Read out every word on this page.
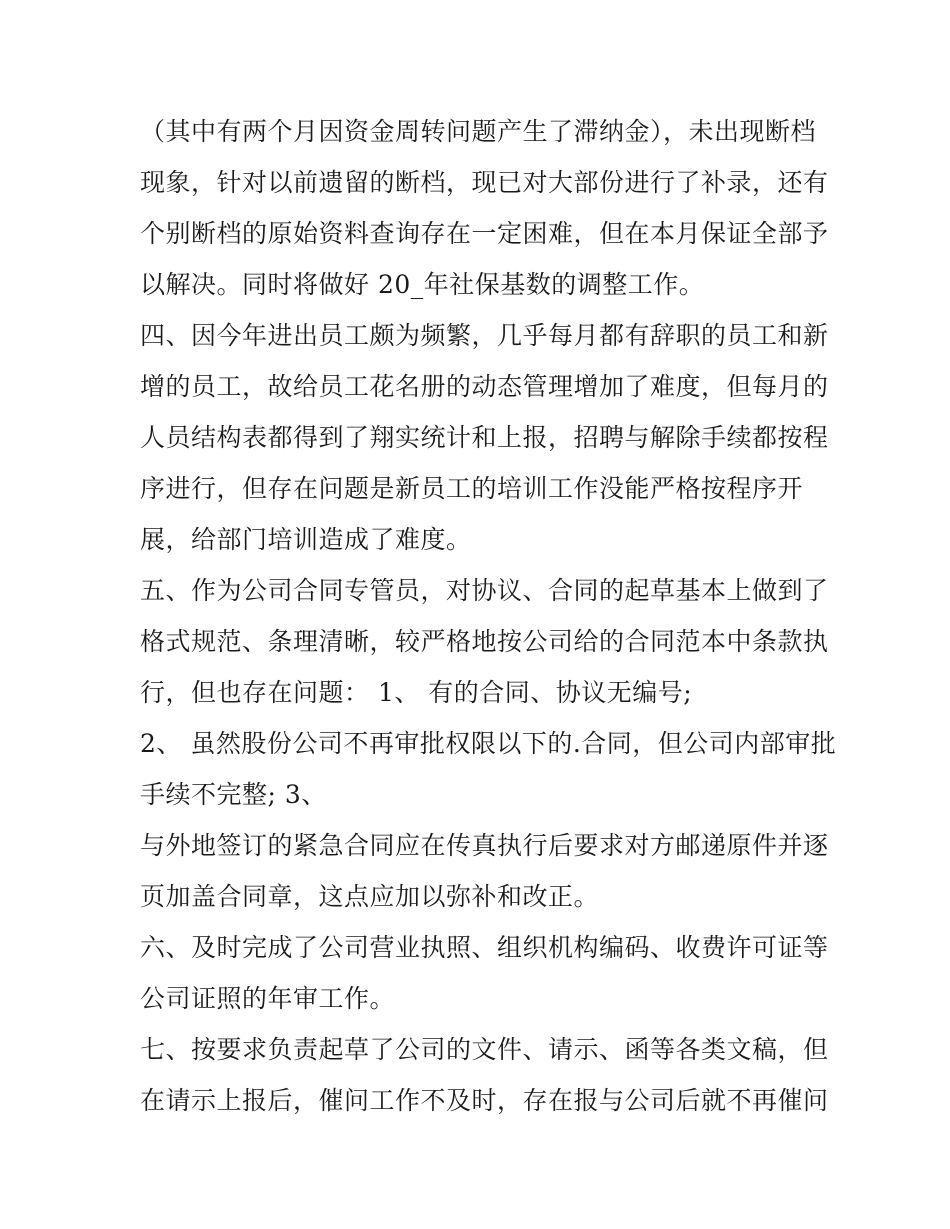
（其中有两个月因资金周转问题产生了滞纳金），未出现断档
现象，针对以前遗留的断档，现已对大部份进行了补录，还有
个别断档的原始资料查询存在一定困难，但在本月保证全部予
以解决。同时将做好 20_年社保基数的调整工作。
四、因今年进出员工颇为频繁，几乎每月都有辞职的员工和新
增的员工，故给员工花名册的动态管理增加了难度，但每月的
人员结构表都得到了翔实统计和上报，招聘与解除手续都按程
序进行，但存在问题是新员工的培训工作没能严格按程序开
展，给部门培训造成了难度。
五、作为公司合同专管员，对协议、合同的起草基本上做到了
格式规范、条理清晰，较严格地按公司给的合同范本中条款执
行，但也存在问题： 1、 有的合同、协议无编号;
2、 虽然股份公司不再审批权限以下的.合同，但公司内部审批
手续不完整; 3、
与外地签订的紧急合同应在传真执行后要求对方邮递原件并逐
页加盖合同章，这点应加以弥补和改正。
六、及时完成了公司营业执照、组织机构编码、收费许可证等
公司证照的年审工作。
七、按要求负责起草了公司的文件、请示、函等各类文稿，但
在请示上报后，催问工作不及时，存在报与公司后就不再催问
